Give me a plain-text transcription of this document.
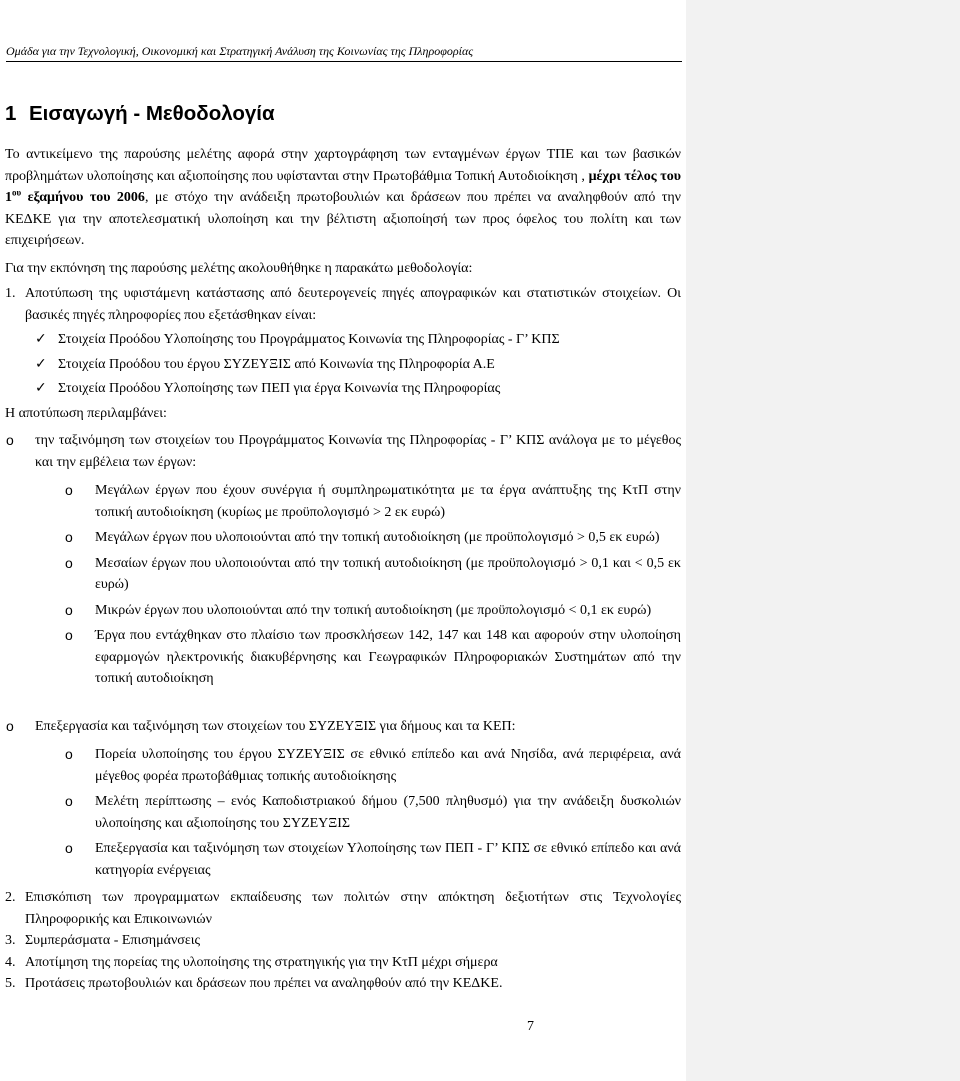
Ομάδα για την Τεχνολογική, Οικονομική και Στρατηγική Ανάλυση της Κοινωνίας της Πληροφορίας
1 Εισαγωγή - Μεθοδολογία

Το αντικείμενο της παρούσης μελέτης αφορά στην χαρτογράφηση των ενταγμένων έργων ΤΠΕ και των βασικών προβλημάτων υλοποίησης και αξιοποίησης που υφίστανται στην Πρωτοβάθμια Τοπική Αυτοδιοίκηση , μέχρι τέλος του $1^{o\upsilon}$ εξαμήνου του 2006, με στόχο την ανάδειξη πρωτοβουλιών και δράσεων που πρέπει να αναληφθούν από την ΚΕΔΚΕ για την αποτελεσματική υλοποίηση και την βέλτιστη αξιοποίησή των προς όφελος του πολίτη και των επιχειρήσεων.

Για την εκπόνηση της παρούσης μελέτης ακολουθήθηκε η παρακάτω μεθοδολογία:

1. Αποτύπωση της υφιστάμενη κατάστασης από δευτερογενείς πηγές απογραφικών και στατιστικών στοιχείων. Οι βασικές πηγές πληροφορίες που εξετάσθηκαν είναι:
✓ Στοιχεία Προόδου Υλοποίησης του Προγράμματος Κοινωνία της Πληροφορίας - Γ’ ΚΠΣ
✓ Στοιχεία Προόδου του έργου ΣΥΖΕΥΞΙΣ από Κοινωνία της Πληροφορία Α.Ε
✓ Στοιχεία Προόδου Υλοποίησης των ΠΕΠ για έργα Κοινωνία της Πληροφορίας

Η αποτύπωση περιλαμβάνει:

o την ταξινόμηση των στοιχείων του Προγράμματος Κοινωνία της Πληροφορίας - Γ’ ΚΠΣ ανάλογα με το μέγεθος και την εμβέλεια των έργων:
o Μεγάλων έργων που έχουν συνέργια ή συμπληρωματικότητα με τα έργα ανάπτυξης της ΚτΠ στην τοπική αυτοδιοίκηση (κυρίως με προϋπολογισμό > 2 εκ ευρώ)
o Μεγάλων έργων που υλοποιούνται από την τοπική αυτοδιοίκηση (με προϋπολογισμό > 0,5 εκ ευρώ)
o Μεσαίων έργων που υλοποιούνται από την τοπική αυτοδιοίκηση (με προϋπολογισμό > 0,1 και < 0,5 εκ ευρώ)
o Μικρών έργων που υλοποιούνται από την τοπική αυτοδιοίκηση (με προϋπολογισμό < 0,1 εκ ευρώ)
o Έργα που εντάχθηκαν στο πλαίσιο των προσκλήσεων 142, 147 και 148 και αφορούν στην υλοποίηση εφαρμογών ηλεκτρονικής διακυβέρνησης και Γεωγραφικών Πληροφοριακών Συστημάτων από την τοπική αυτοδιοίκηση
o Επεξεργασία και ταξινόμηση των στοιχείων του ΣΥΖΕΥΞΙΣ για δήμους και τα ΚΕΠ:
o Πορεία υλοποίησης του έργου ΣΥΖΕΥΞΙΣ σε εθνικό επίπεδο και ανά Νησίδα, ανά περιφέρεια, ανά μέγεθος φορέα πρωτοβάθμιας τοπικής αυτοδιοίκησης
o Μελέτη περίπτωσης – ενός Καποδιστριακού δήμου (7,500 πληθυσμό) για την ανάδειξη δυσκολιών υλοποίησης και αξιοποίησης του ΣΥΖΕΥΞΙΣ
o Επεξεργασία και ταξινόμηση των στοιχείων Υλοποίησης των ΠΕΠ - Γ’ ΚΠΣ σε εθνικό επίπεδο και ανά κατηγορία ενέργειας
2. Επισκόπιση των προγραμματων εκπαίδευσης των πολιτών στην απόκτηση δεξιοτήτων στις Τεχνολογίες Πληροφορικής και Επικοινωνιών
3. Συμπεράσματα - Επισημάνσεις
4. Αποτίμηση της πορείας της υλοποίησης της στρατηγικής για την ΚτΠ μέχρι σήμερα
5. Προτάσεις πρωτοβουλιών και δράσεων που πρέπει να αναληφθούν από την ΚΕΔΚΕ.
7
